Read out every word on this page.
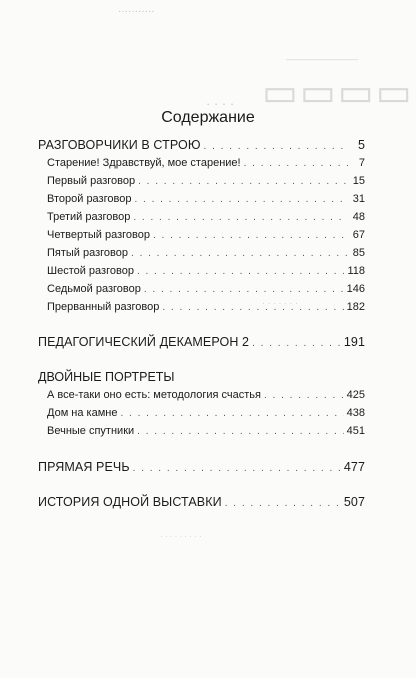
···········
————————
· · · · ▭▭▭▭
· · · · · · ·
· · · · · · · · ·
Содержание
РАЗГОВОРЧИКИ В СТРОЮ . . .	5
Старение! Здравствуй, мое старение! . . .	7
Первый разговор . . .	15
Второй разговор . . .	31
Третий разговор . . .	48
Четвертый разговор . . .	67
Пятый разговор . . .	85
Шестой разговор . . .	118
Седьмой разговор . . .	146
Прерванный разговор . . .	182
ПЕДАГОГИЧЕСКИЙ ДЕКАМЕРОН 2 . . .	191
ДВОЙНЫЕ ПОРТРЕТЫ
А все-таки оно есть: методология счастья . . .	425
Дом на камне . . .	438
Вечные спутники . . .	451
ПРЯМАЯ РЕЧЬ . . .	477
ИСТОРИЯ ОДНОЙ ВЫСТАВКИ . . .	507
